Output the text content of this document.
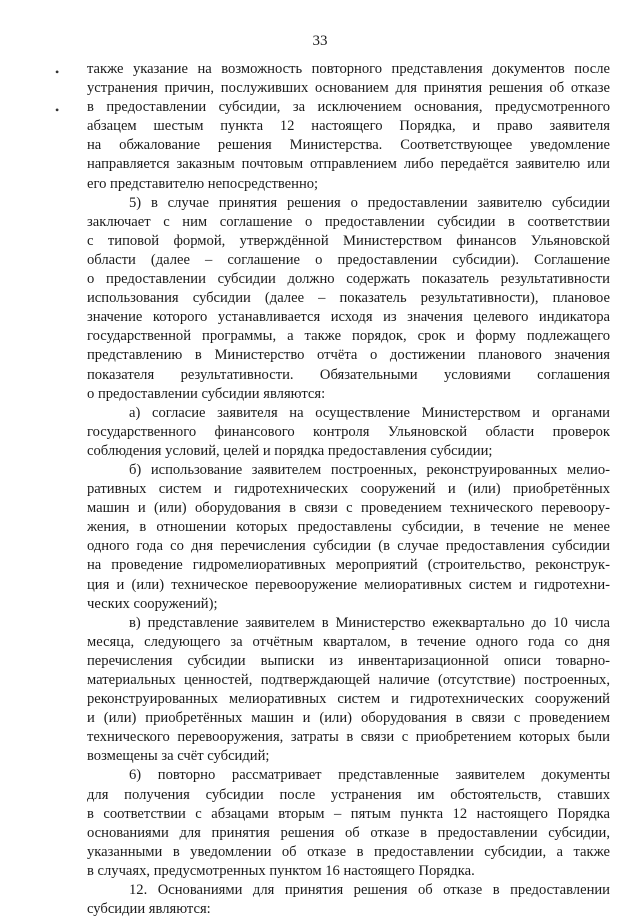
33
•
•
также указание на возможность повторного представления документов после
устранения причин, послуживших основанием для принятия решения об отказе
в предоставлении субсидии, за исключением основания, предусмотренного
абзацем шестым пункта 12 настоящего Порядка, и право заявителя
на обжалование решения Министерства. Соответствующее уведомление
направляется заказным почтовым отправлением либо передаётся заявителю или
его представителю непосредственно;
5) в случае принятия решения о предоставлении заявителю субсидии
заключает с ним соглашение о предоставлении субсидии в соответствии
с типовой формой, утверждённой Министерством финансов Ульяновской
области (далее – соглашение о предоставлении субсидии). Соглашение
о предоставлении субсидии должно содержать показатель результативности
использования субсидии (далее – показатель результативности), плановое
значение которого устанавливается исходя из значения целевого индикатора
государственной программы, а также порядок, срок и форму подлежащего
представлению в Министерство отчёта о достижении планового значения
показателя результативности. Обязательными условиями соглашения
о предоставлении субсидии являются:
а) согласие заявителя на осуществление Министерством и органами
государственного финансового контроля Ульяновской области проверок
соблюдения условий, целей и порядка предоставления субсидии;
б) использование заявителем построенных, реконструированных мелио-
ративных систем и гидротехнических сооружений и (или) приобретённых
машин и (или) оборудования в связи с проведением технического перевоору-
жения, в отношении которых предоставлены субсидии, в течение не менее
одного года со дня перечисления субсидии (в случае предоставления субсидии
на проведение гидромелиоративных мероприятий (строительство, реконструк-
ция и (или) техническое перевооружение мелиоративных систем и гидротехни-
ческих сооружений);
в) представление заявителем в Министерство ежеквартально до 10 числа
месяца, следующего за отчётным кварталом, в течение одного года со дня
перечисления субсидии выписки из инвентаризационной описи товарно-
материальных ценностей, подтверждающей наличие (отсутствие) построенных,
реконструированных мелиоративных систем и гидротехнических сооружений
и (или) приобретённых машин и (или) оборудования в связи с проведением
технического перевооружения, затраты в связи с приобретением которых были
возмещены за счёт субсидий;
6) повторно рассматривает представленные заявителем документы
для получения субсидии после устранения им обстоятельств, ставших
в соответствии с абзацами вторым – пятым пункта 12 настоящего Порядка
основаниями для принятия решения об отказе в предоставлении субсидии,
указанными в уведомлении об отказе в предоставлении субсидии, а также
в случаях, предусмотренных пунктом 16 настоящего Порядка.
12. Основаниями для принятия решения об отказе в предоставлении
субсидии являются:
